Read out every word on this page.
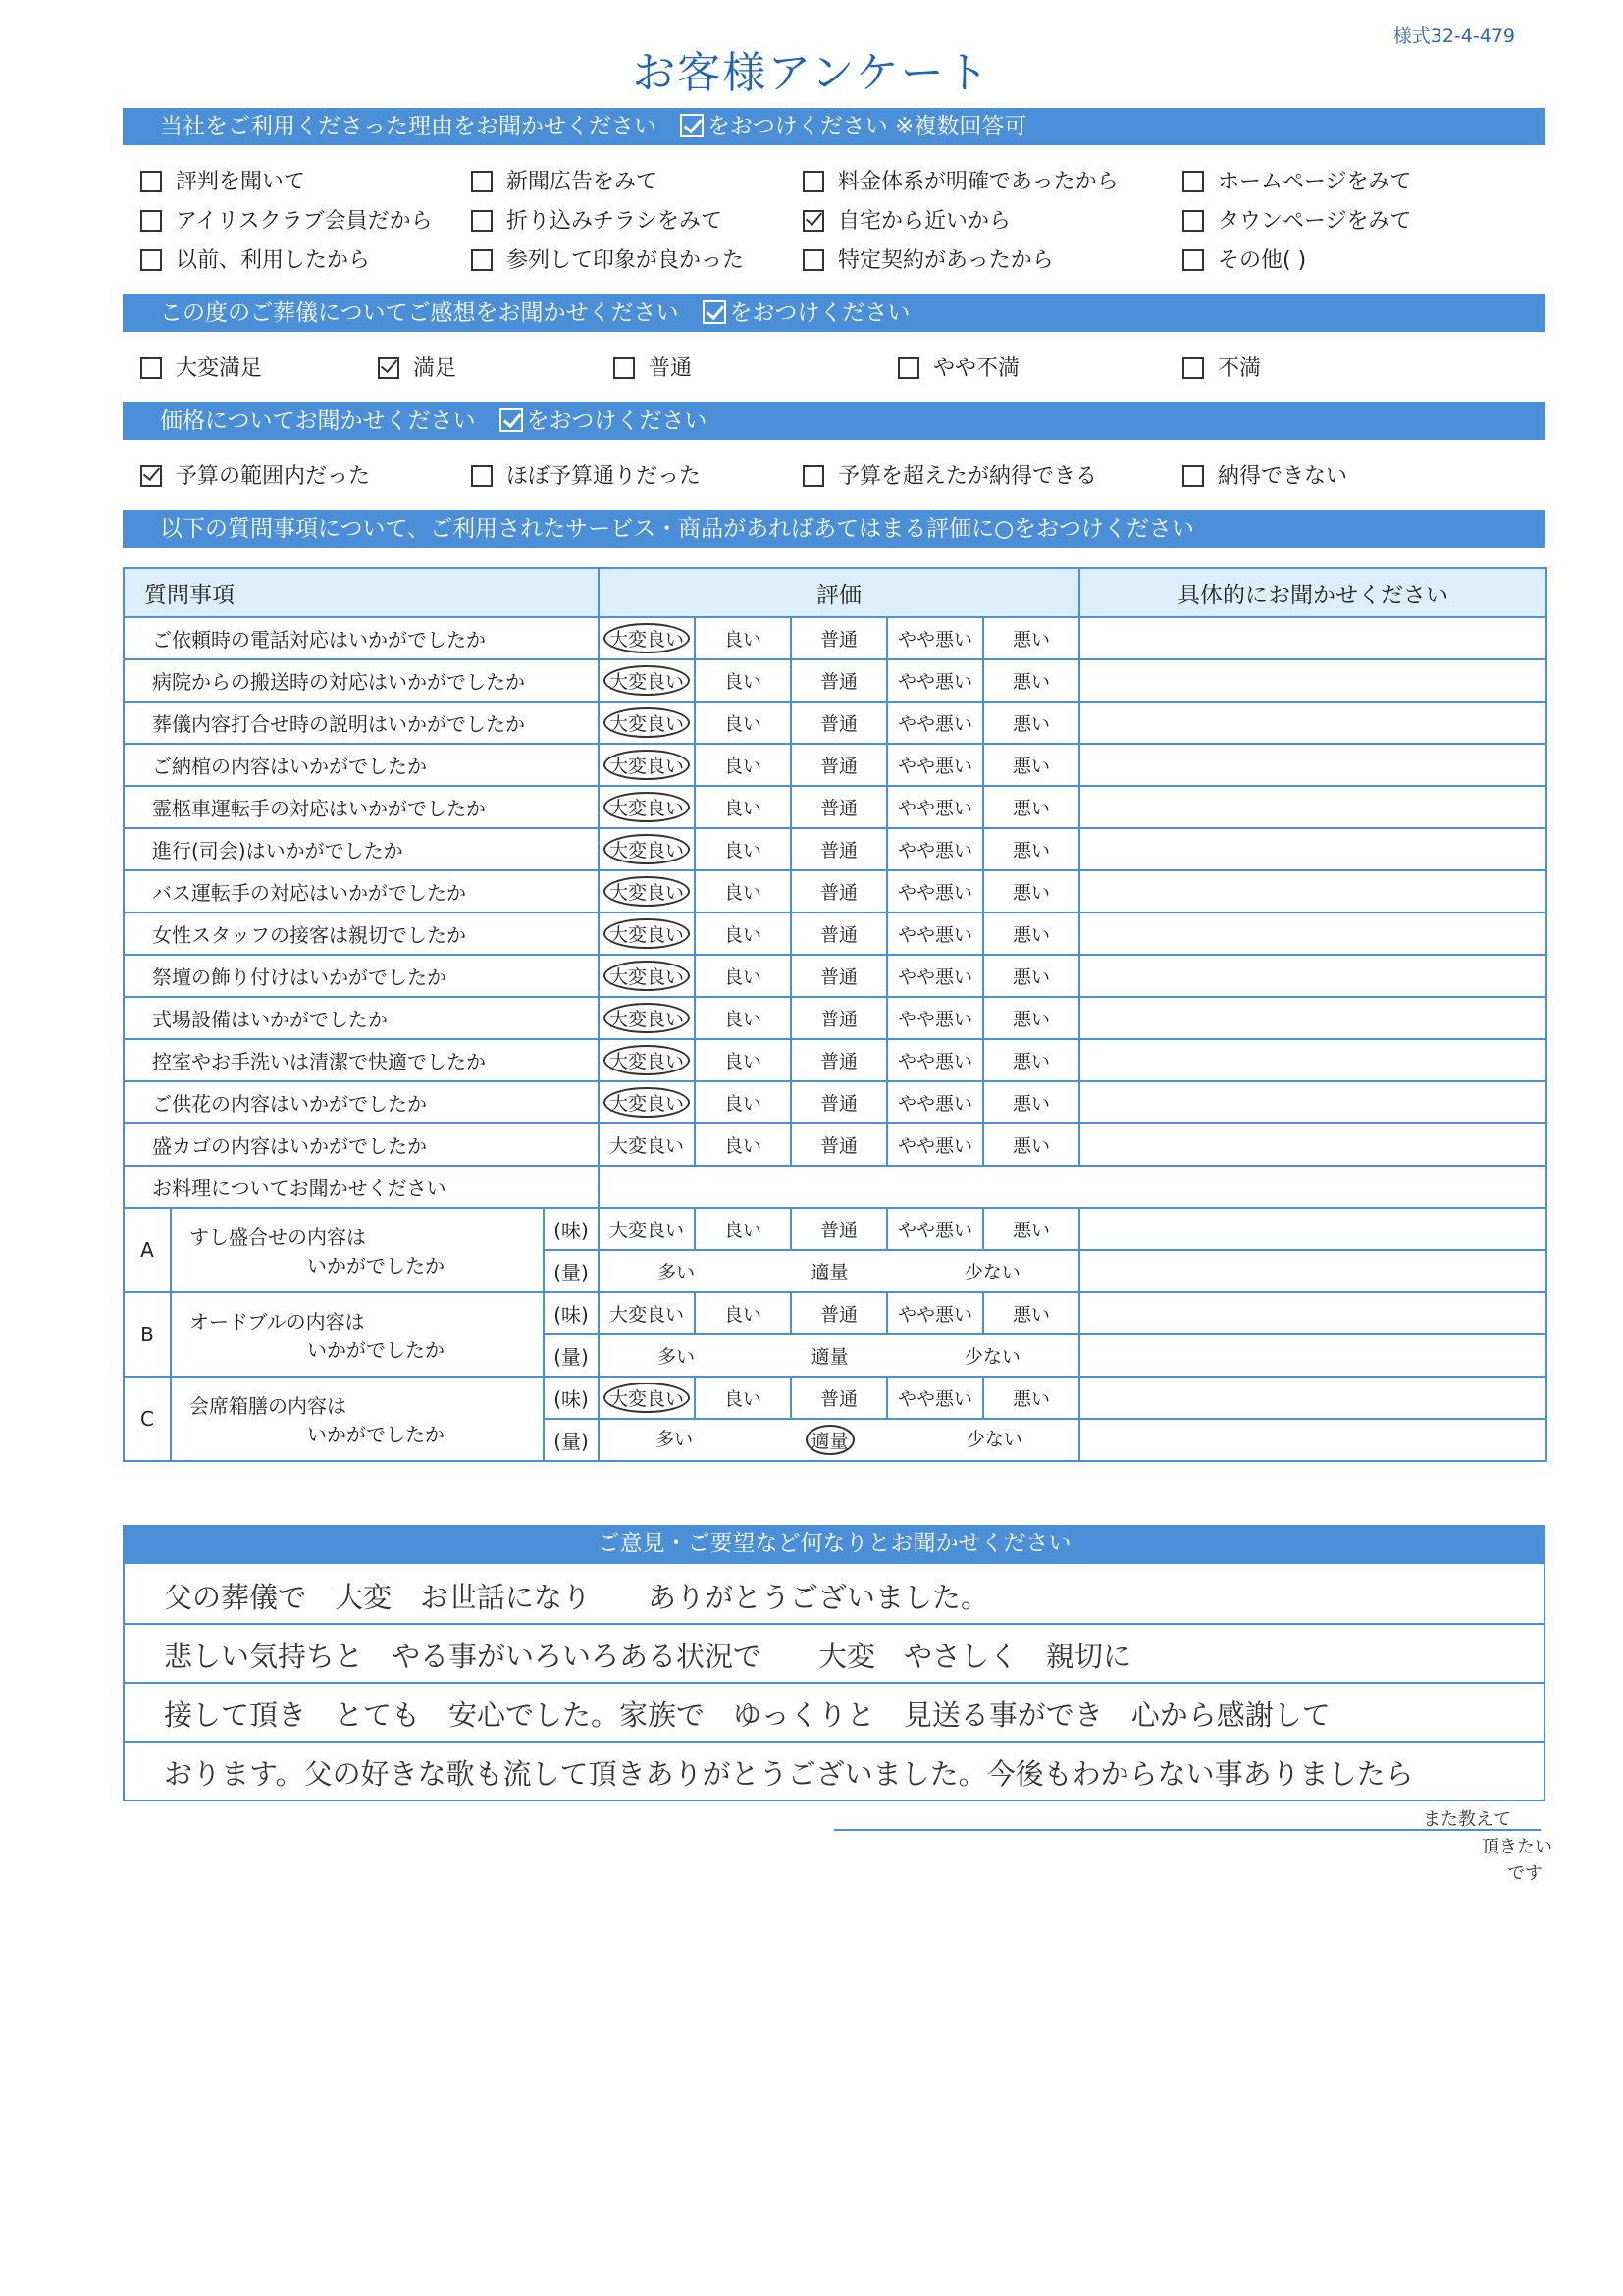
様式32-4-479
お客様アンケート
当社をご利用くださった理由をお聞かせください をおつけください ※複数回答可
評判を聞いて	新聞広告をみて	料金体系が明確であったから	ホームページをみて
アイリスクラブ会員だから	折り込みチラシをみて	自宅から近いから	タウンページをみて
以前、利用したから	参列して印象が良かった	特定契約があったから	その他( )
この度のご葬儀についてご感想をお聞かせください をおつけください
大変満足	満足	普通	やや不満	不満
価格についてお聞かせください をおつけください
予算の範囲内だった	ほぼ予算通りだった	予算を超えたが納得できる	納得できない
以下の質問事項について、ご利用されたサービス・商品があればあてはまる評価に○をおつけください
質問事項			評価					具体的にお聞かせください
ご依頼時の電話対応はいかがでしたか			大変良い	良い	普通	やや悪い	悪い	
病院からの搬送時の対応はいかがでしたか			大変良い	良い	普通	やや悪い	悪い	
葬儀内容打合せ時の説明はいかがでしたか			大変良い	良い	普通	やや悪い	悪い	
ご納棺の内容はいかがでしたか			大変良い	良い	普通	やや悪い	悪い	
霊柩車運転手の対応はいかがでしたか			大変良い	良い	普通	やや悪い	悪い	
進行(司会)はいかがでしたか			大変良い	良い	普通	やや悪い	悪い	
バス運転手の対応はいかがでしたか			大変良い	良い	普通	やや悪い	悪い	
女性スタッフの接客は親切でしたか			大変良い	良い	普通	やや悪い	悪い	
祭壇の飾り付けはいかがでしたか			大変良い	良い	普通	やや悪い	悪い	
式場設備はいかがでしたか			大変良い	良い	普通	やや悪い	悪い	
控室やお手洗いは清潔で快適でしたか			大変良い	良い	普通	やや悪い	悪い	
ご供花の内容はいかがでしたか			大変良い	良い	普通	やや悪い	悪い	
盛カゴの内容はいかがでしたか			大変良い	良い	普通	やや悪い	悪い	
お料理についてお聞かせください								
A	すし盛合せの内容は
いかがでしたか	(味)	大変良い	良い	普通	やや悪い	悪い	
		(量)	多い 適量 少ない					

B	オードブルの内容は
いかがでしたか	(味)	大変良い	良い	普通	やや悪い	悪い	
		(量)	多い 適量 少ない					

C	会席箱膳の内容は
いかがでしたか	(味)	大変良い	良い	普通	やや悪い	悪い	
		(量)	多い 適量 少ない					

ご意見・ご要望など何なりとお聞かせください
父の葬儀で　大変　お世話になり　　ありがとうございました。
悲しい気持ちと　やる事がいろいろある状況で　　大変　やさしく　親切に
接して頂き　とても　安心でした。家族で　ゆっくりと　見送る事ができ　心から感謝して
おります。父の好きな歌も流して頂きありがとうございました。今後もわからない事ありましたら
また教えて
頂きたい
です
